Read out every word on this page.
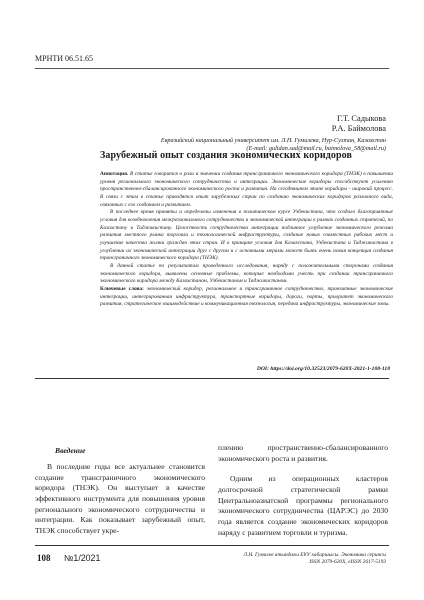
МРНТИ 06.51.65
Г.Т. Садыкова
Р.А. Баймолова
Евразийский национальный университет им. Л.Н. Гумилева, Нур-Султан, Казахстан
(E-mail: gulidan.sad@mail.ru, baimolova_58@mail.ru)
Зарубежный опыт создания экономических коридоров

Аннотация. В статье говорится о роли и значении создания трансграничного экономического коридора (ТНЭК) в повышении уровня регионального экономического сотрудничества и интеграции. Экономические коридоры способствуют усилению пространственно-сбалансированного экономического роста и развития. На сегодняшнем этапе коридоры - широкий процесс. В связи с этим в статье приводятся опыт зарубежных стран по созданию экономических коридоров различного вида, связанных с его созданием и развитием.

В последнее время приняты и определены изменения в политическом курсе Узбекистана, что создало благоприятные условия для возобновления межрегионального сотрудничества и экономической интеграции в рамках созданных стратегий, по Казахстану и Таджикистану. Целостность сотрудничества интеграции подлинное углубление экономического режима развития местного рынка торговли и технологической инфраструктуры, создание новых совместных рабочих мест и улучшение качества жизни граждан этих стран. И в принципе условия для Казахстана, Узбекистана и Таджикистана в углублении их экономической интеграции друг с другом и с основными мерами может быть очень новая концепция создания трансграничного экономического коридора (ТНЭК).

В данной статье по результатам проведенного исследования, наряду с положительными сторонами создания экономического коридора, выявлены основные проблемы, которые необходимо учесть при создании трансграничного экономического коридора между Казахстаном, Узбекистаном и Таджикистаном.

Ключевые слова: экономический коридор, региональное и трансграничное сотрудничество, транзитные экономические интеграции, интегрированная инфраструктура, транспортные коридоры, дороги, порты, приоритет экономического развития, стратегическое взаимодействие и коммуникационная технология, передача инфраструктуры, экономические зоны.

DOI: https://doi.org/10.32523/2079-620X-2021-1-108-118
Введение

В последние годы все актуальнее становится создание трансграничного экономического коридора (ТНЭК). Он выступает в качестве эффективного инструмента для повышения уровня регионального экономического сотрудничества и интеграции. Как показывает зарубежный опыт, ТНЭК способствует укре-

плению пространственно-сбалансированного экономического роста и развития.

Одним из операционных кластеров долгосрочной стратегической рамки Центральноазиатской программы регионального экономического сотрудничества (ЦАРЭС) до 2030 года является создание экономических коридоров наряду с развитием торговли и туризма.

108 №1/2021	Л.Н. Гумилев атындағы ЕҰУ хабаршысы. Экономика сериясы
ISSN 2079-620X, eISSN 2617-5193
